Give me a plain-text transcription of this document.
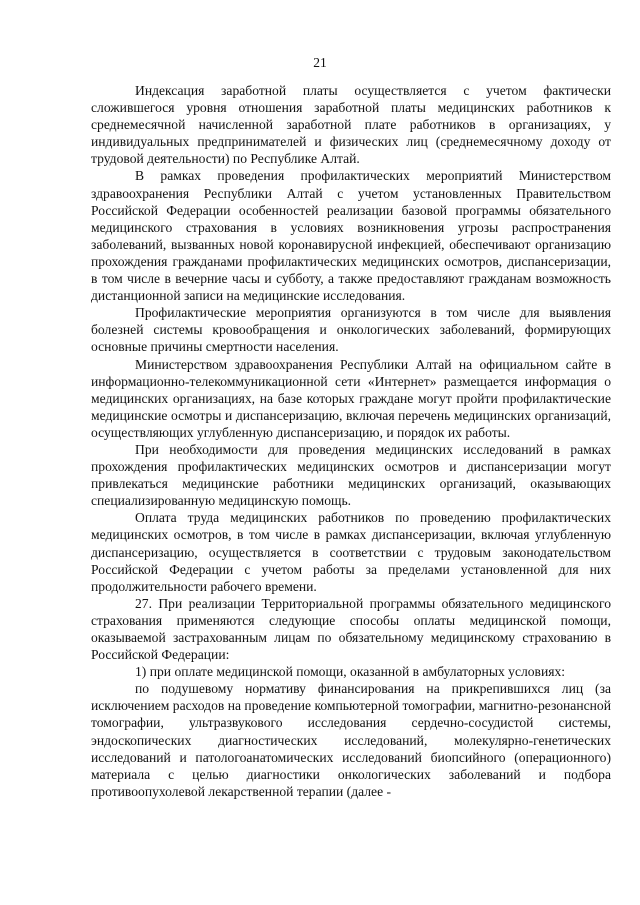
21

Индексация заработной платы осуществляется с учетом фактически сложившегося уровня отношения заработной платы медицинских работников к среднемесячной начисленной заработной плате работников в организациях, у индивидуальных предпринимателей и физических лиц (среднемесячному доходу от трудовой деятельности) по Республике Алтай.

В рамках проведения профилактических мероприятий Министерством здравоохранения Республики Алтай с учетом установленных Правительством Российской Федерации особенностей реализации базовой программы обязательного медицинского страхования в условиях возникновения угрозы распространения заболеваний, вызванных новой коронавирусной инфекцией, обеспечивают организацию прохождения гражданами профилактических медицинских осмотров, диспансеризации, в том числе в вечерние часы и субботу, а также предоставляют гражданам возможность дистанционной записи на медицинские исследования.

Профилактические мероприятия организуются в том числе для выявления болезней системы кровообращения и онкологических заболеваний, формирующих основные причины смертности населения.

Министерством здравоохранения Республики Алтай на официальном сайте в информационно-телекоммуникационной сети «Интернет» размещается информация о медицинских организациях, на базе которых граждане могут пройти профилактические медицинские осмотры и диспансеризацию, включая перечень медицинских организаций, осуществляющих углубленную диспансеризацию, и порядок их работы.

При необходимости для проведения медицинских исследований в рамках прохождения профилактических медицинских осмотров и диспансеризации могут привлекаться медицинские работники медицинских организаций, оказывающих специализированную медицинскую помощь.

Оплата труда медицинских работников по проведению профилактических медицинских осмотров, в том числе в рамках диспансеризации, включая углубленную диспансеризацию, осуществляется в соответствии с трудовым законодательством Российской Федерации с учетом работы за пределами установленной для них продолжительности рабочего времени.

27. При реализации Территориальной программы обязательного медицинского страхования применяются следующие способы оплаты медицинской помощи, оказываемой застрахованным лицам по обязательному медицинскому страхованию в Российской Федерации:

1) при оплате медицинской помощи, оказанной в амбулаторных условиях:

по подушевому нормативу финансирования на прикрепившихся лиц (за исключением расходов на проведение компьютерной томографии, магнитно-резонансной томографии, ультразвукового исследования сердечно-сосудистой системы, эндоскопических диагностических исследований, молекулярно-генетических исследований и патологоанатомических исследований биопсийного (операционного) материала с целью диагностики онкологических заболеваний и подбора противоопухолевой лекарственной терапии (далее -
